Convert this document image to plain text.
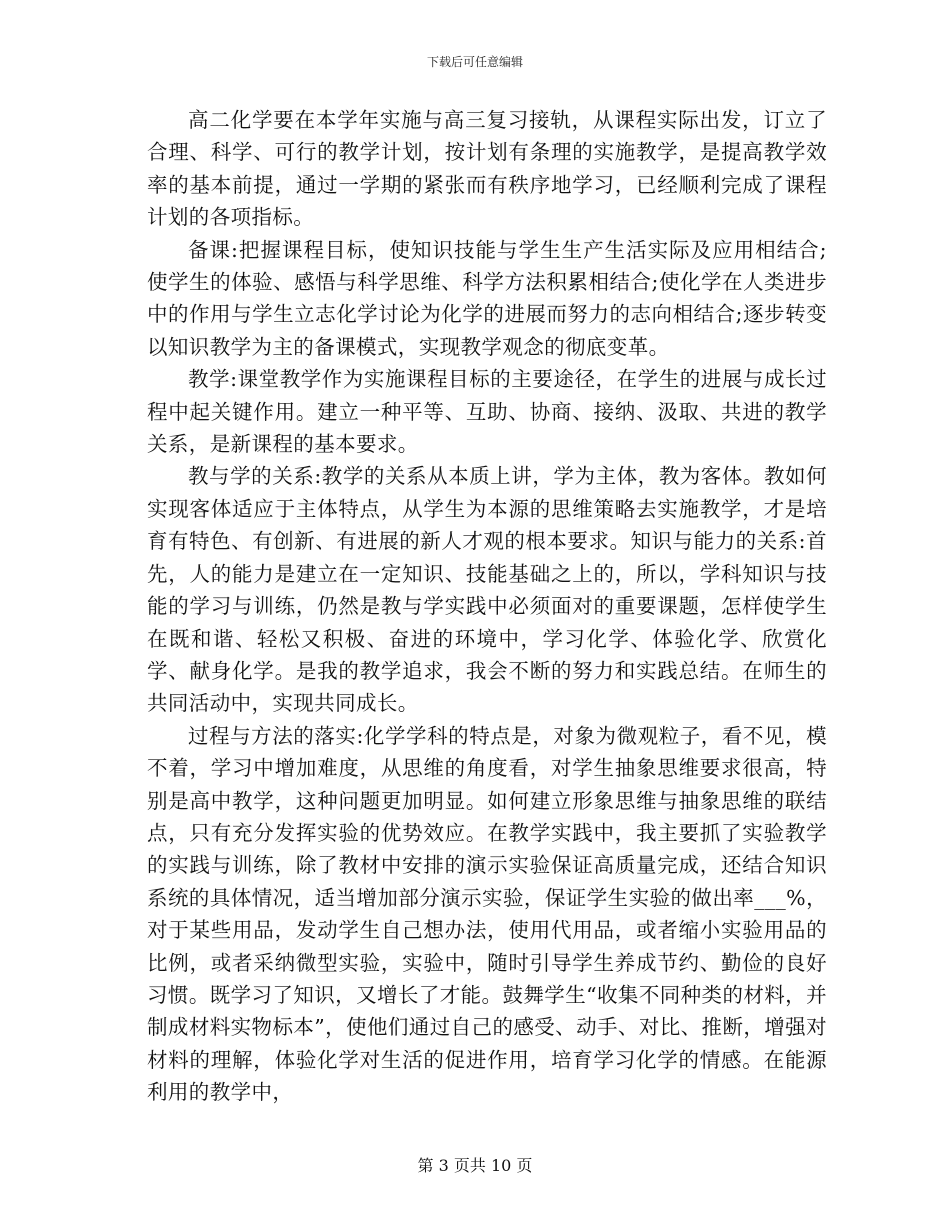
下载后可任意编辑

高二化学要在本学年实施与高三复习接轨，从课程实际出发，订立了合理、科学、可行的教学计划，按计划有条理的实施教学，是提高教学效率的基本前提，通过一学期的紧张而有秩序地学习，已经顺利完成了课程计划的各项指标。

备课:把握课程目标，使知识技能与学生生产生活实际及应用相结合;使学生的体验、感悟与科学思维、科学方法积累相结合;使化学在人类进步中的作用与学生立志化学讨论为化学的进展而努力的志向相结合;逐步转变以知识教学为主的备课模式，实现教学观念的彻底变革。

教学:课堂教学作为实施课程目标的主要途径，在学生的进展与成长过程中起关键作用。建立一种平等、互助、协商、接纳、汲取、共进的教学关系，是新课程的基本要求。

教与学的关系:教学的关系从本质上讲，学为主体，教为客体。教如何实现客体适应于主体特点，从学生为本源的思维策略去实施教学，才是培育有特色、有创新、有进展的新人才观的根本要求。知识与能力的关系:首先，人的能力是建立在一定知识、技能基础之上的，所以，学科知识与技能的学习与训练，仍然是教与学实践中必须面对的重要课题，怎样使学生在既和谐、轻松又积极、奋进的环境中，学习化学、体验化学、欣赏化学、献身化学。是我的教学追求，我会不断的努力和实践总结。在师生的共同活动中，实现共同成长。

过程与方法的落实:化学学科的特点是，对象为微观粒子，看不见，模不着，学习中增加难度，从思维的角度看，对学生抽象思维要求很高，特别是高中教学，这种问题更加明显。如何建立形象思维与抽象思维的联结点，只有充分发挥实验的优势效应。在教学实践中，我主要抓了实验教学的实践与训练，除了教材中安排的演示实验保证高质量完成，还结合知识系统的具体情况，适当增加部分演示实验，保证学生实验的做出率___%，对于某些用品，发动学生自己想办法，使用代用品，或者缩小实验用品的比例，或者采纳微型实验，实验中，随时引导学生养成节约、勤俭的良好习惯。既学习了知识，又增长了才能。鼓舞学生“收集不同种类的材料，并制成材料实物标本”，使他们通过自己的感受、动手、对比、推断，增强对材料的理解，体验化学对生活的促进作用，培育学习化学的情感。在能源利用的教学中，

第 3 页共 10 页
